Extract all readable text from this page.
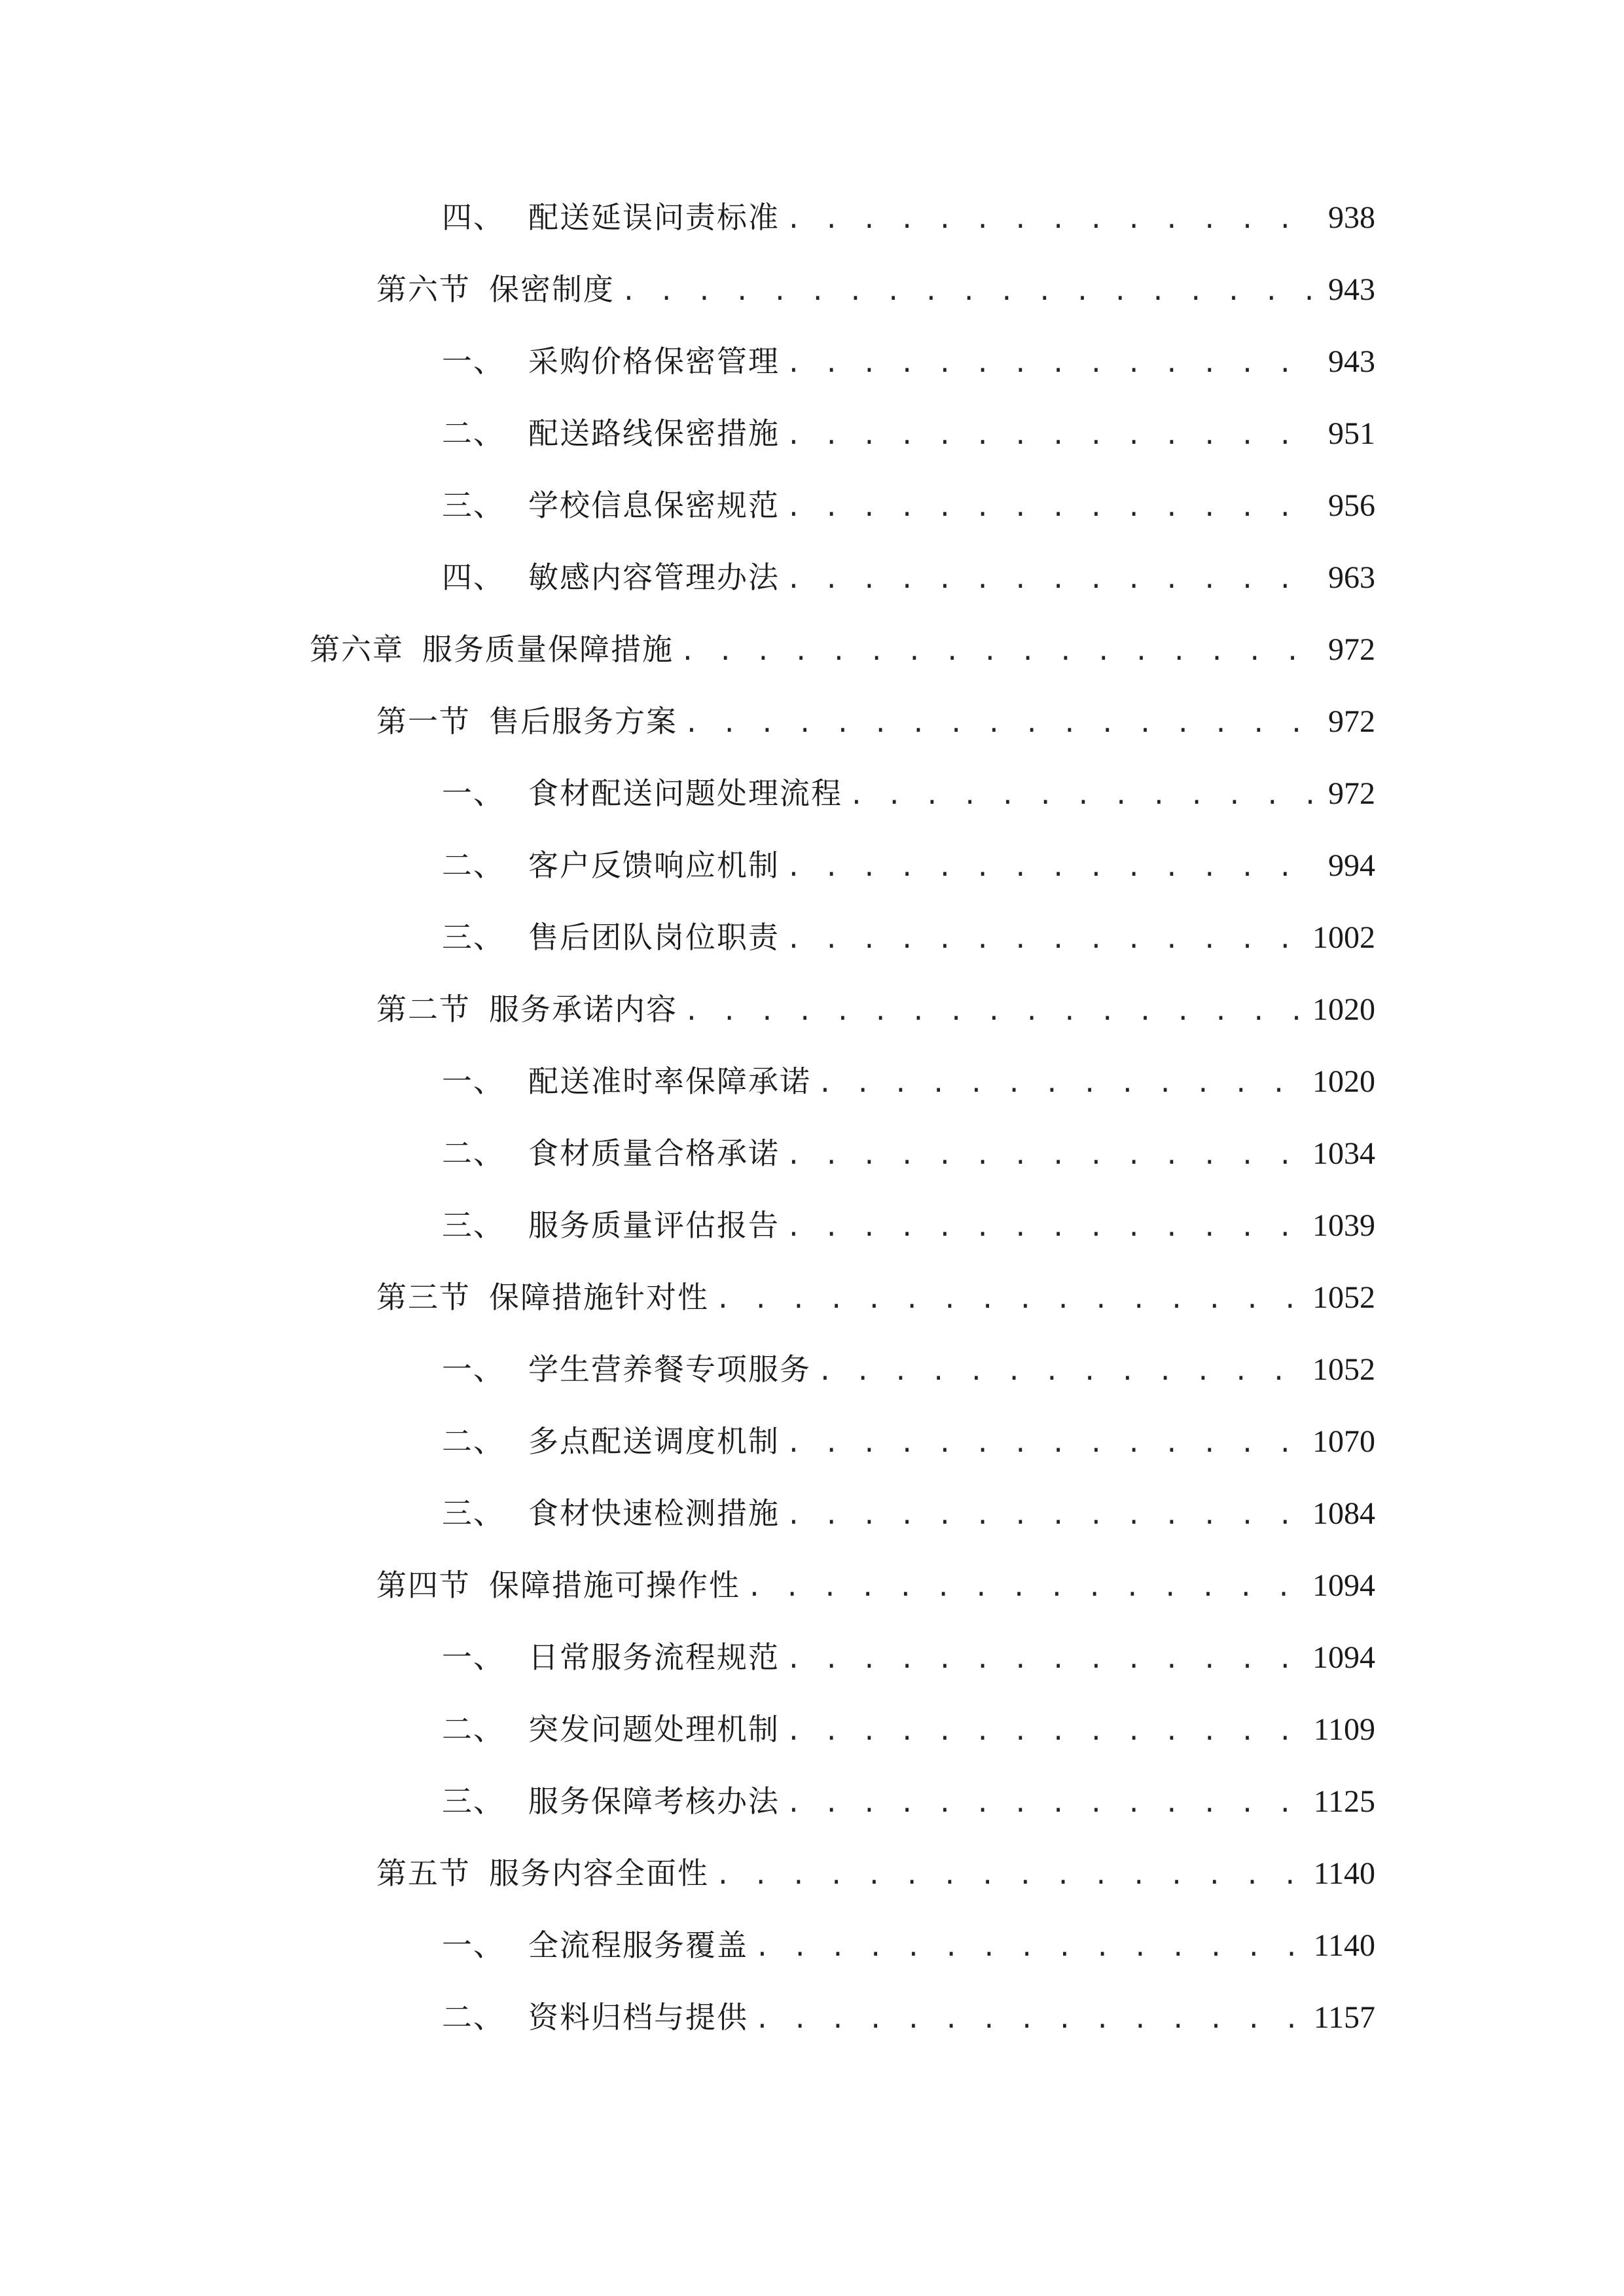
四、 配送延误问责标准 . . .	938
第六节 保密制度 . . .	943
一、 采购价格保密管理 . . .	943
二、 配送路线保密措施 . . .	951
三、 学校信息保密规范 . . .	956
四、 敏感内容管理办法 . . .	963
第六章 服务质量保障措施 . . .	972
第一节 售后服务方案 . . .	972
一、 食材配送问题处理流程 . . .	972
二、 客户反馈响应机制 . . .	994
三、 售后团队岗位职责 . . .	1002
第二节 服务承诺内容 . . .	1020
一、 配送准时率保障承诺 . . .	1020
二、 食材质量合格承诺 . . .	1034
三、 服务质量评估报告 . . .	1039
第三节 保障措施针对性 . . .	1052
一、 学生营养餐专项服务 . . .	1052
二、 多点配送调度机制 . . .	1070
三、 食材快速检测措施 . . .	1084
第四节 保障措施可操作性 . . .	1094
一、 日常服务流程规范 . . .	1094
二、 突发问题处理机制 . . .	1109
三、 服务保障考核办法 . . .	1125
第五节 服务内容全面性 . . .	1140
一、 全流程服务覆盖 . . .	1140
二、 资料归档与提供 . . .	1157
